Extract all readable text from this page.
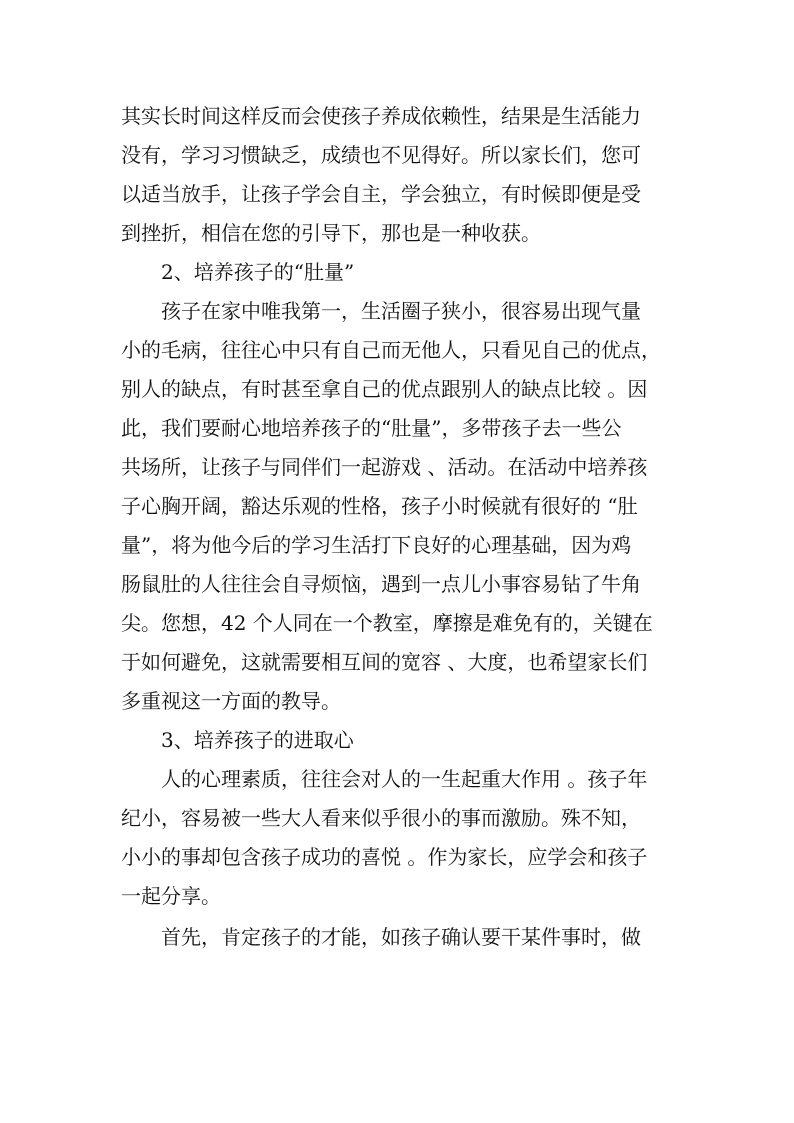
其实长时间这样反而会使孩子养成依赖性，结果是生活能力
没有，学习习惯缺乏，成绩也不见得好。所以家长们，您可
以适当放手，让孩子学会自主，学会独立，有时候即便是受
到挫折，相信在您的引导下，那也是一种收获。
2、培养孩子的“肚量”
孩子在家中唯我第一，生活圈子狭小，很容易出现气量
小的毛病，往往心中只有自己而无他人，只看见自己的优点，
别人的缺点，有时甚至拿自己的优点跟别人的缺点比较 。因
此，我们要耐心地培养孩子的“肚量”，多带孩子去一些公
共场所，让孩子与同伴们一起游戏 、活动。在活动中培养孩
子心胸开阔，豁达乐观的性格，孩子小时候就有很好的 “肚
量”，将为他今后的学习生活打下良好的心理基础，因为鸡
肠鼠肚的人往往会自寻烦恼，遇到一点儿小事容易钻了牛角
尖。您想，42 个人同在一个教室，摩擦是难免有的，关键在
于如何避免，这就需要相互间的宽容 、大度，也希望家长们
多重视这一方面的教导。
3、培养孩子的进取心
人的心理素质，往往会对人的一生起重大作用 。孩子年
纪小，容易被一些大人看来似乎很小的事而激励。殊不知，
小小的事却包含孩子成功的喜悦 。作为家长，应学会和孩子
一起分享。
首先，肯定孩子的才能，如孩子确认要干某件事时，做
